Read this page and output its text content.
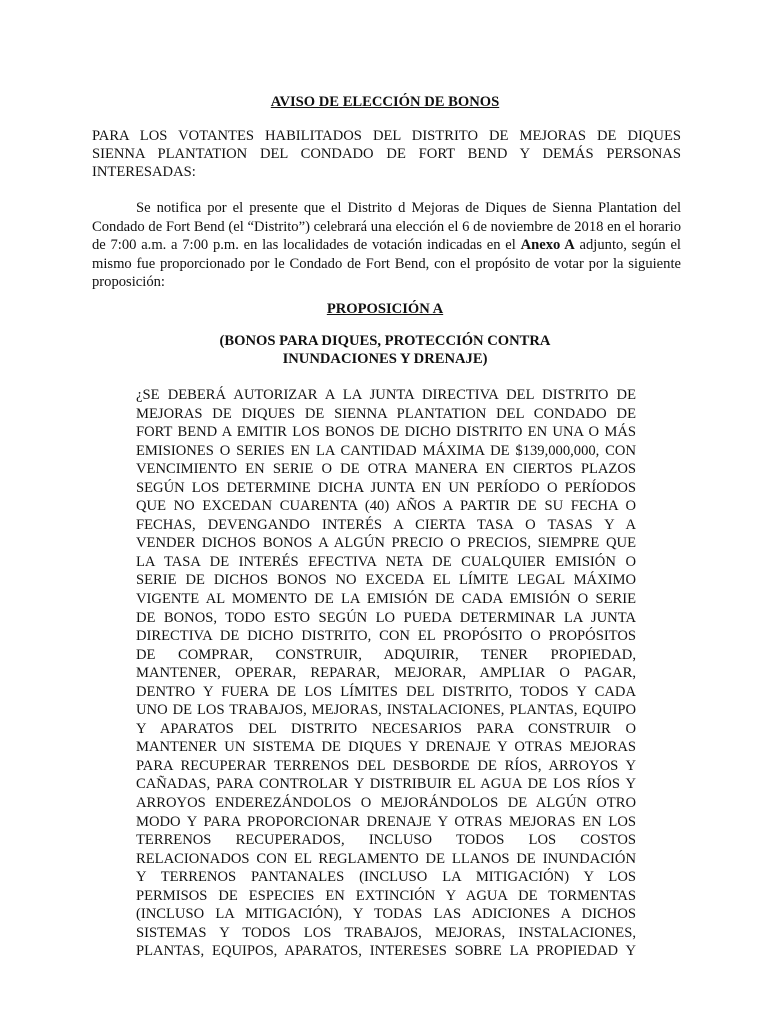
AVISO DE ELECCIÓN DE BONOS
PARA LOS VOTANTES HABILITADOS DEL DISTRITO DE MEJORAS DE DIQUES
SIENNA PLANTATION DEL CONDADO DE FORT BEND Y DEMÁS PERSONAS
INTERESADAS:
Se notifica por el presente que el Distrito d Mejoras de Diques de Sienna Plantation del Condado de Fort Bend (el “Distrito”) celebrará una elección el 6 de noviembre de 2018 en el horario de 7:00 a.m. a 7:00 p.m. en las localidades de votación indicadas en el Anexo A adjunto, según el mismo fue proporcionado por le Condado de Fort Bend, con el propósito de votar por la siguiente proposición:
PROPOSICIÓN A
(BONOS PARA DIQUES, PROTECCIÓN CONTRA
INUNDACIONES Y DRENAJE)
¿SE DEBERÁ AUTORIZAR A LA JUNTA DIRECTIVA DEL DISTRITO DE
MEJORAS DE DIQUES DE SIENNA PLANTATION DEL CONDADO DE
FORT BEND A EMITIR LOS BONOS DE DICHO DISTRITO EN UNA O MÁS
EMISIONES O SERIES EN LA CANTIDAD MÁXIMA DE $139,000,000, CON
VENCIMIENTO EN SERIE O DE OTRA MANERA EN CIERTOS PLAZOS
SEGÚN LOS DETERMINE DICHA JUNTA EN UN PERÍODO O PERÍODOS
QUE NO EXCEDAN CUARENTA (40) AÑOS A PARTIR DE SU FECHA O
FECHAS, DEVENGANDO INTERÉS A CIERTA TASA O TASAS Y A
VENDER DICHOS BONOS A ALGÚN PRECIO O PRECIOS, SIEMPRE QUE
LA TASA DE INTERÉS EFECTIVA NETA DE CUALQUIER EMISIÓN O
SERIE DE DICHOS BONOS NO EXCEDA EL LÍMITE LEGAL MÁXIMO
VIGENTE AL MOMENTO DE LA EMISIÓN DE CADA EMISIÓN O SERIE
DE BONOS, TODO ESTO SEGÚN LO PUEDA DETERMINAR LA JUNTA
DIRECTIVA DE DICHO DISTRITO, CON EL PROPÓSITO O PROPÓSITOS
DE COMPRAR, CONSTRUIR, ADQUIRIR, TENER PROPIEDAD,
MANTENER, OPERAR, REPARAR, MEJORAR, AMPLIAR O PAGAR,
DENTRO Y FUERA DE LOS LÍMITES DEL DISTRITO, TODOS Y CADA
UNO DE LOS TRABAJOS, MEJORAS, INSTALACIONES, PLANTAS, EQUIPO
Y APARATOS DEL DISTRITO NECESARIOS PARA CONSTRUIR O
MANTENER UN SISTEMA DE DIQUES Y DRENAJE Y OTRAS MEJORAS
PARA RECUPERAR TERRENOS DEL DESBORDE DE RÍOS, ARROYOS Y
CAÑADAS, PARA CONTROLAR Y DISTRIBUIR EL AGUA DE LOS RÍOS Y
ARROYOS ENDEREZÁNDOLOS O MEJORÁNDOLOS DE ALGÚN OTRO
MODO Y PARA PROPORCIONAR DRENAJE Y OTRAS MEJORAS EN LOS
TERRENOS RECUPERADOS, INCLUSO TODOS LOS COSTOS
RELACIONADOS CON EL REGLAMENTO DE LLANOS DE INUNDACIÓN
Y TERRENOS PANTANALES (INCLUSO LA MITIGACIÓN) Y LOS
PERMISOS DE ESPECIES EN EXTINCIÓN Y AGUA DE TORMENTAS
(INCLUSO LA MITIGACIÓN), Y TODAS LAS ADICIONES A DICHOS
SISTEMAS Y TODOS LOS TRABAJOS, MEJORAS, INSTALACIONES,
PLANTAS, EQUIPOS, APARATOS, INTERESES SOBRE LA PROPIEDAD Y
